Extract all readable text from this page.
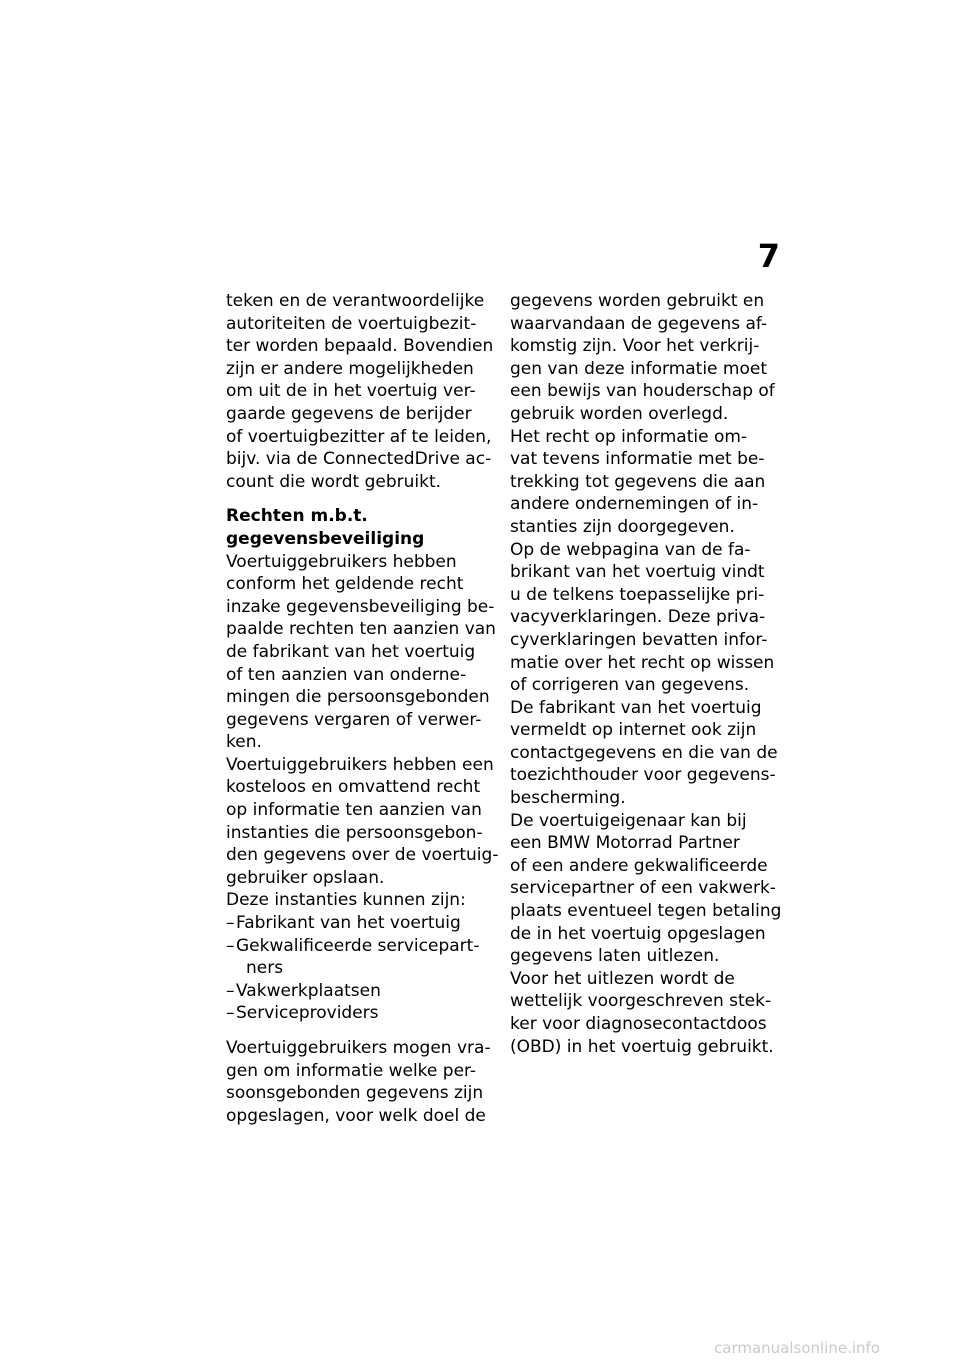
7
teken en de verantwoordelijke
autoriteiten de voertuigbezit-
ter worden bepaald. Bovendien
zijn er andere mogelijkheden
om uit de in het voertuig ver-
gaarde gegevens de berijder
of voertuigbezitter af te leiden,
bijv. via de ConnectedDrive ac-
count die wordt gebruikt.
Rechten m.b.t.
gegevensbeveiliging
Voertuiggebruikers hebben
conform het geldende recht
inzake gegevensbeveiliging be-
paalde rechten ten aanzien van
de fabrikant van het voertuig
of ten aanzien van onderne-
mingen die persoonsgebonden
gegevens vergaren of verwer-
ken.
Voertuiggebruikers hebben een
kosteloos en omvattend recht
op informatie ten aanzien van
instanties die persoonsgebon-
den gegevens over de voertuig-
gebruiker opslaan.
Deze instanties kunnen zijn:
– Fabrikant van het voertuig
– Gekwalificeerde servicepart-
ners
– Vakwerkplaatsen
– Serviceproviders
Voertuiggebruikers mogen vra-
gen om informatie welke per-
soonsgebonden gegevens zijn
opgeslagen, voor welk doel de
gegevens worden gebruikt en
waarvandaan de gegevens af-
komstig zijn. Voor het verkrij-
gen van deze informatie moet
een bewijs van houderschap of
gebruik worden overlegd.
Het recht op informatie om-
vat tevens informatie met be-
trekking tot gegevens die aan
andere ondernemingen of in-
stanties zijn doorgegeven.
Op de webpagina van de fa-
brikant van het voertuig vindt
u de telkens toepasselijke pri-
vacyverklaringen. Deze priva-
cyverklaringen bevatten infor-
matie over het recht op wissen
of corrigeren van gegevens.
De fabrikant van het voertuig
vermeldt op internet ook zijn
contactgegevens en die van de
toezichthouder voor gegevens-
bescherming.
De voertuigeigenaar kan bij
een BMW Motorrad Partner
of een andere gekwalificeerde
servicepartner of een vakwerk-
plaats eventueel tegen betaling
de in het voertuig opgeslagen
gegevens laten uitlezen.
Voor het uitlezen wordt de
wettelijk voorgeschreven stek-
ker voor diagnosecontactdoos
(OBD) in het voertuig gebruikt.
carmanualsonline.info
